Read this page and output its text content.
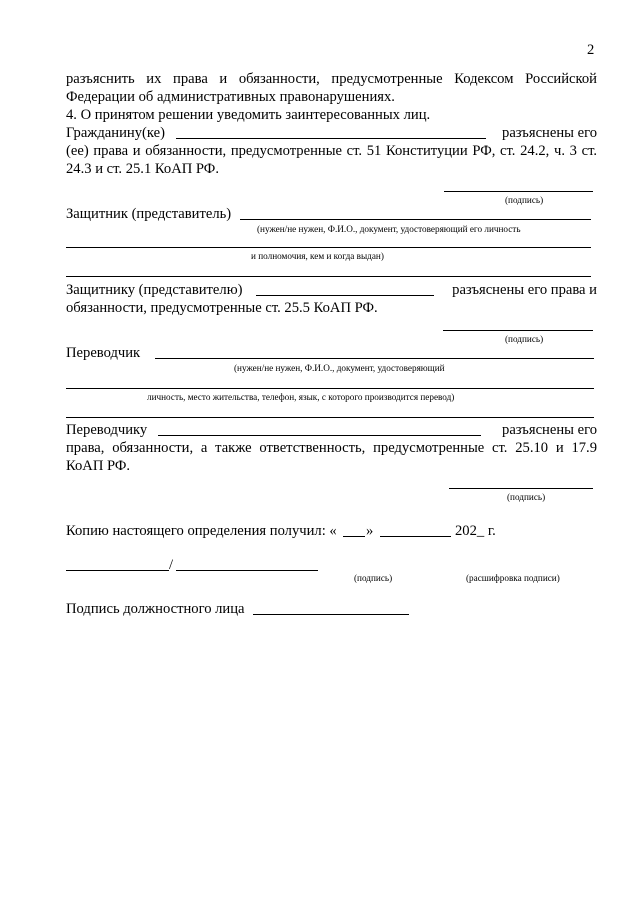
2
разъяснить их права и обязанности, предусмотренные Кодексом Российской
Федерации об административных правонарушениях.
4. О принятом решении уведомить заинтересованных лиц.
Гражданину(ке)	разъяснены его
(ее) права и обязанности, предусмотренные ст. 51 Конституции РФ, ст. 24.2, ч. 3 ст.
24.3 и ст. 25.1 КоАП РФ.
(подпись)
Защитник (представитель)
(нужен/не нужен, Ф.И.О., документ, удостоверяющий его личность
и полномочия, кем и когда выдан)
Защитнику (представителю)	разъяснены его права и
обязанности, предусмотренные ст. 25.5 КоАП РФ.
(подпись)
Переводчик
(нужен/не нужен, Ф.И.О., документ, удостоверяющий
личность, место жительства, телефон, язык, с которого производится перевод)
Переводчику	разъяснены его
права, обязанности, а также ответственность, предусмотренные ст. 25.10 и 17.9
КоАП РФ.
(подпись)
Копию настоящего определения получил: « »	202_ г.
/
(подпись)	(расшифровка подписи)
Подпись должностного лица
